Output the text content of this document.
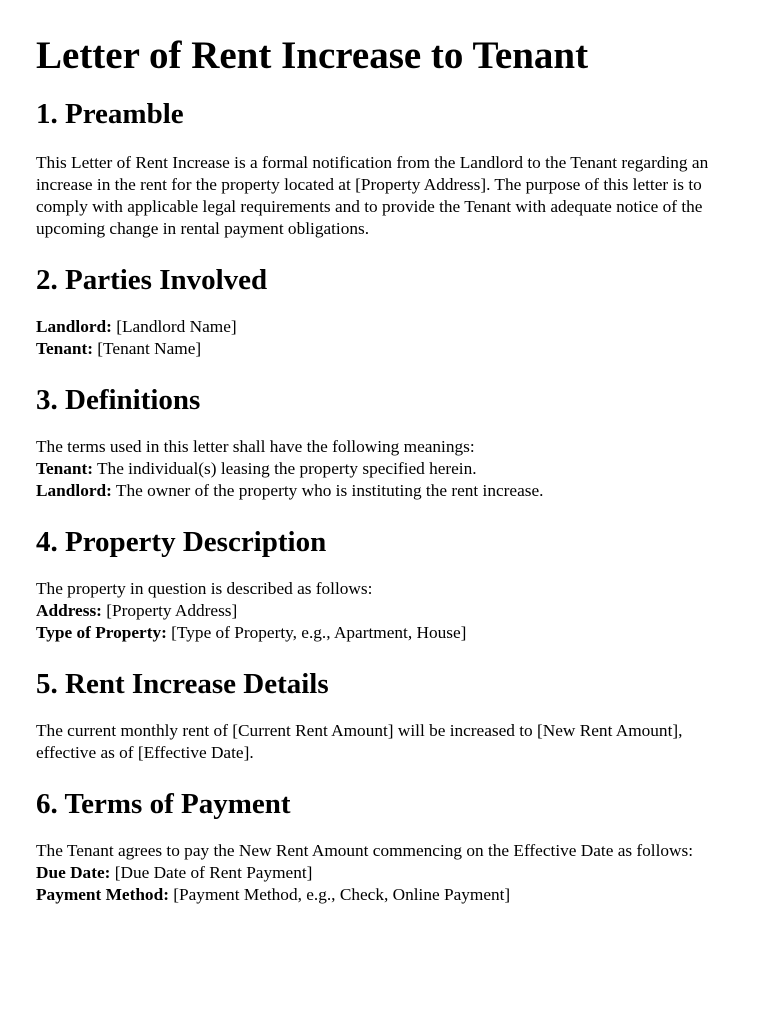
Letter of Rent Increase to Tenant
1. Preamble

This Letter of Rent Increase is a formal notification from the Landlord to the Tenant regarding an increase in the rent for the property located at [Property Address]. The purpose of this letter is to comply with applicable legal requirements and to provide the Tenant with adequate notice of the upcoming change in rental payment obligations.

2. Parties Involved
Landlord: [Landlord Name]
Tenant: [Tenant Name]
3. Definitions
The terms used in this letter shall have the following meanings:
Tenant: The individual(s) leasing the property specified herein.
Landlord: The owner of the property who is instituting the rent increase.
4. Property Description
The property in question is described as follows:
Address: [Property Address]
Type of Property: [Type of Property, e.g., Apartment, House]
5. Rent Increase Details

The current monthly rent of [Current Rent Amount] will be increased to [New Rent Amount], effective as of [Effective Date].

6. Terms of Payment

The Tenant agrees to pay the New Rent Amount commencing on the Effective Date as follows:

Due Date: [Due Date of Rent Payment]
Payment Method: [Payment Method, e.g., Check, Online Payment]
